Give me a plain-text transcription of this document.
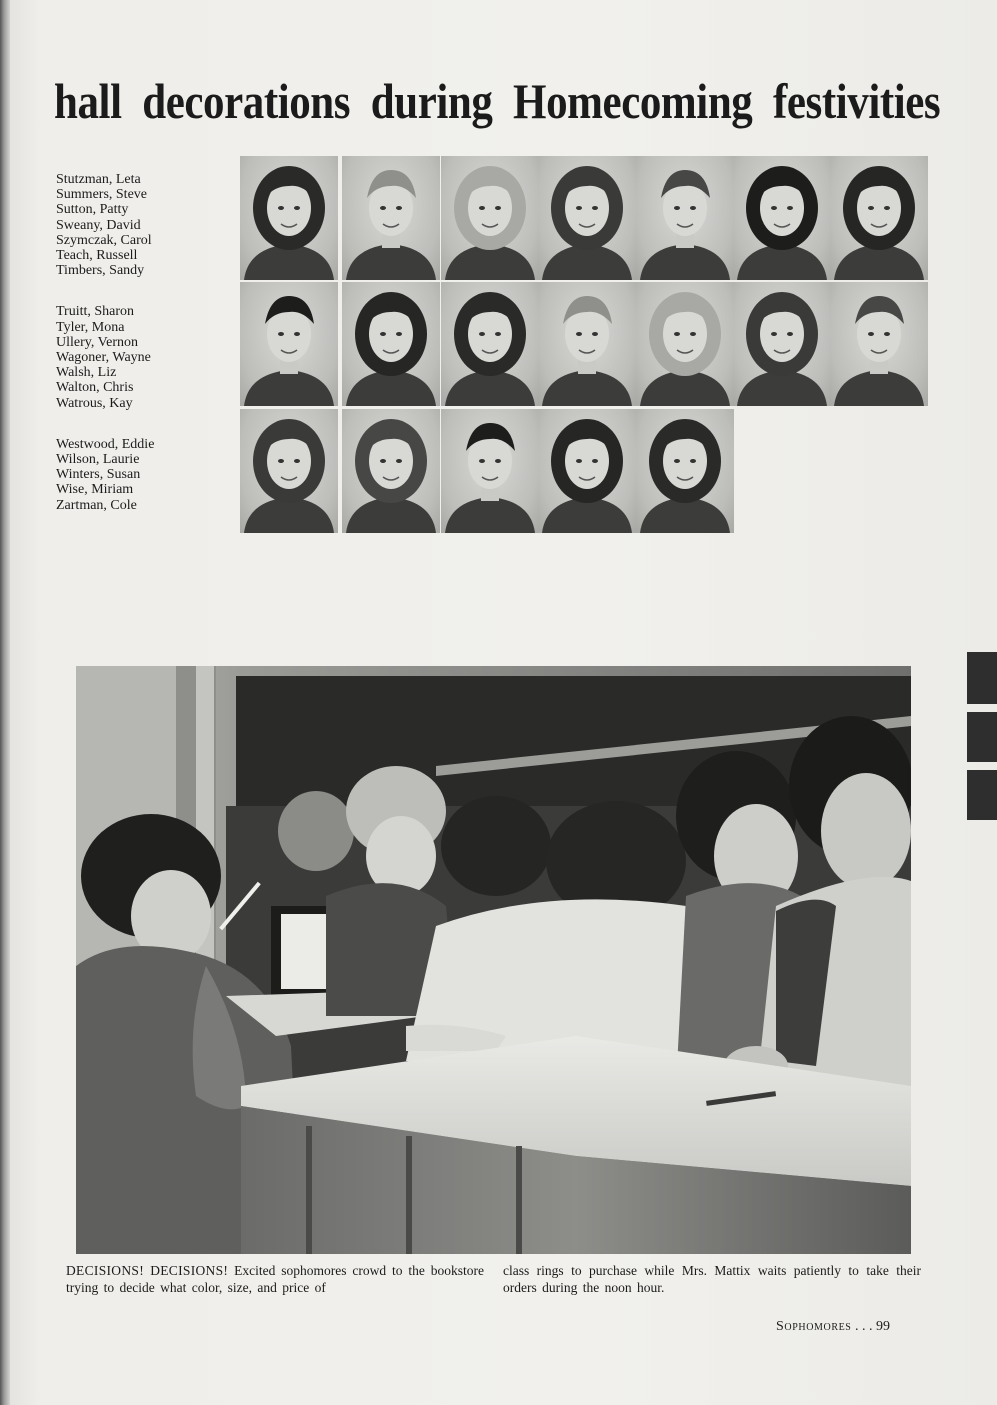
hall decorations during Homecoming festivities
Stutzman, Leta
Summers, Steve
Sutton, Patty
Sweany, David
Szymczak, Carol
Teach, Russell
Timbers, Sandy
Truitt, Sharon
Tyler, Mona
Ullery, Vernon
Wagoner, Wayne
Walsh, Liz
Walton, Chris
Watrous, Kay
Westwood, Eddie
Wilson, Laurie
Winters, Susan
Wise, Miriam
Zartman, Cole
DECISIONS! DECISIONS! Excited sophomores crowd to the bookstore trying to decide what color, size, and price of
class rings to purchase while Mrs. Mattix waits patiently to take their orders during the noon hour.
Sophomores . . . 99
